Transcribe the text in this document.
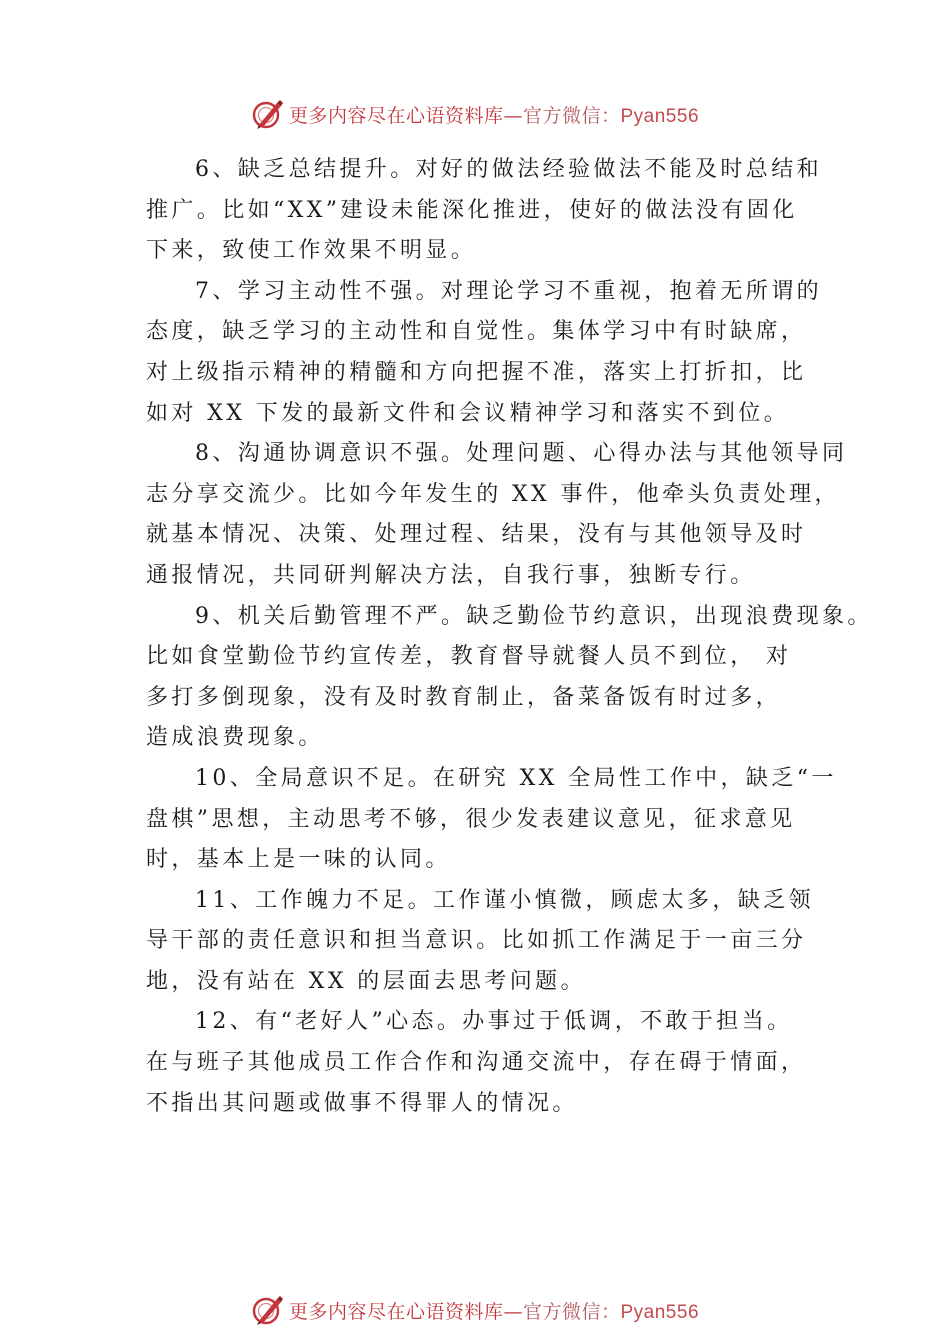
更多内容尽在心语资料库—官方微信：Pyan556

6、缺乏总结提升。对好的做法经验做法不能及时总结和
推广。比如“XX”建设未能深化推进，使好的做法没有固化
下来，致使工作效果不明显。

7、学习主动性不强。对理论学习不重视，抱着无所谓的
态度，缺乏学习的主动性和自觉性。集体学习中有时缺席，
对上级指示精神的精髓和方向把握不准，落实上打折扣，比
如对 XX 下发的最新文件和会议精神学习和落实不到位。

8、沟通协调意识不强。处理问题、心得办法与其他领导同
志分享交流少。比如今年发生的 XX 事件，他牵头负责处理，
就基本情况、决策、处理过程、结果，没有与其他领导及时
通报情况，共同研判解决方法，自我行事，独断专行。

9、机关后勤管理不严。缺乏勤俭节约意识，出现浪费现象。
比如食堂勤俭节约宣传差，教育督导就餐人员不到位， 对
多打多倒现象，没有及时教育制止，备菜备饭有时过多，
造成浪费现象。

10、全局意识不足。在研究 XX 全局性工作中，缺乏“一
盘棋”思想，主动思考不够，很少发表建议意见，征求意见
时，基本上是一味的认同。

11、工作魄力不足。工作谨小慎微，顾虑太多，缺乏领
导干部的责任意识和担当意识。比如抓工作满足于一亩三分
地，没有站在 XX 的层面去思考问题。

12、有“老好人”心态。办事过于低调，不敢于担当。
在与班子其他成员工作合作和沟通交流中，存在碍于情面，
不指出其问题或做事不得罪人的情况。

更多内容尽在心语资料库—官方微信：Pyan556
